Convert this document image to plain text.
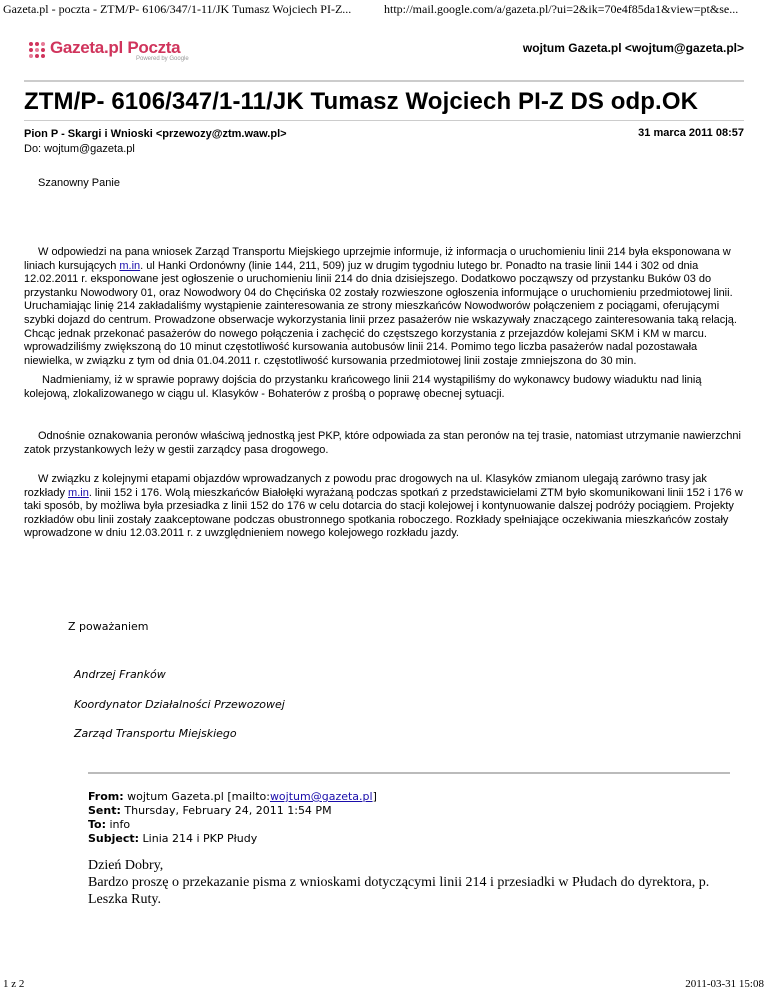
Gazeta.pl - poczta - ZTM/P- 6106/347/1-11/JK Tumasz Wojciech PI-Z...	http://mail.google.com/a/gazeta.pl/?ui=2&ik=70e4f85da1&view=pt&se...
Gazeta.pl Poczta
Powered by Google
wojtum Gazeta.pl <wojtum@gazeta.pl>
ZTM/P- 6106/347/1-11/JK Tumasz Wojciech PI-Z DS odp.OK
Pion P - Skargi i Wnioski <przewozy@ztm.waw.pl>
Do: wojtum@gazeta.pl
31 marca 2011 08:57
Szanowny Panie
W odpowiedzi na pana wniosek Zarząd Transportu Miejskiego uprzejmie informuje, iż informacja o uruchomieniu linii 214 była eksponowana w liniach kursujących m.in. ul Hanki Ordonówny (linie 144, 211, 509) juz w drugim tygodniu lutego br. Ponadto na trasie linii 144 i 302 od dnia 12.02.2011 r. eksponowane jest ogłoszenie o uruchomieniu linii 214 do dnia dzisiejszego. Dodatkowo począwszy od przystanku Buków 03 do przystanku Nowodwory 01, oraz Nowodwory 04 do Chęcińska 02 zostały rozwieszone ogłoszenia informujące o uruchomieniu przedmiotowej linii. Uruchamiając linię 214 zakładaliśmy wystąpienie zainteresowania ze strony mieszkańców Nowodworów połączeniem z pociągami, oferującymi szybki dojazd do centrum. Prowadzone obserwacje wykorzystania linii przez pasażerów nie wskazywały znaczącego zainteresowania taką relacją. Chcąc jednak przekonać pasażerów do nowego połączenia i zachęcić do częstszego korzystania z przejazdów kolejami SKM i KM w marcu. wprowadziliśmy zwiększoną do 10 minut częstotliwość kursowania autobusów linii 214. Pomimo tego liczba pasażerów nadal pozostawała niewielka, w związku z tym od dnia 01.04.2011 r. częstotliwość kursowania przedmiotowej linii zostaje zmniejszona do 30 min.
Nadmieniamy, iż w sprawie poprawy dojścia do przystanku krańcowego linii 214 wystąpiliśmy do wykonawcy budowy wiaduktu nad linią kolejową, zlokalizowanego w ciągu ul. Klasyków - Bohaterów z prośbą o poprawę obecnej sytuacji.
Odnośnie oznakowania peronów właściwą jednostką jest PKP, które odpowiada za stan peronów na tej trasie, natomiast utrzymanie nawierzchni zatok przystankowych leży w gestii zarządcy pasa drogowego.
W związku z kolejnymi etapami objazdów wprowadzanych z powodu prac drogowych na ul. Klasyków zmianom ulegają zarówno trasy jak rozkłady m.in. linii 152 i 176. Wolą mieszkańców Białołęki wyrażaną podczas spotkań z przedstawicielami ZTM było skomunikowani linii 152 i 176 w taki sposób, by możliwa była przesiadka z linii 152 do 176 w celu dotarcia do stacji kolejowej i kontynuowanie dalszej podróży pociągiem. Projekty rozkładów obu linii zostały zaakceptowane podczas obustronnego spotkania roboczego. Rozkłady spełniające oczekiwania mieszkańców zostały wprowadzone w dniu 12.03.2011 r. z uwzględnieniem nowego kolejowego rozkładu jazdy.
Z poważaniem
Andrzej Franków
Koordynator Działalności Przewozowej
Zarząd Transportu Miejskiego
From: wojtum Gazeta.pl [mailto:wojtum@gazeta.pl]
Sent: Thursday, February 24, 2011 1:54 PM
To: info
Subject: Linia 214 i PKP Płudy
Dzień Dobry,
Bardzo proszę o przekazanie pisma z wnioskami dotyczącymi linii 214 i przesiadki w Płudach do dyrektora, p. Leszka Ruty.
1 z 2	2011-03-31 15:08
